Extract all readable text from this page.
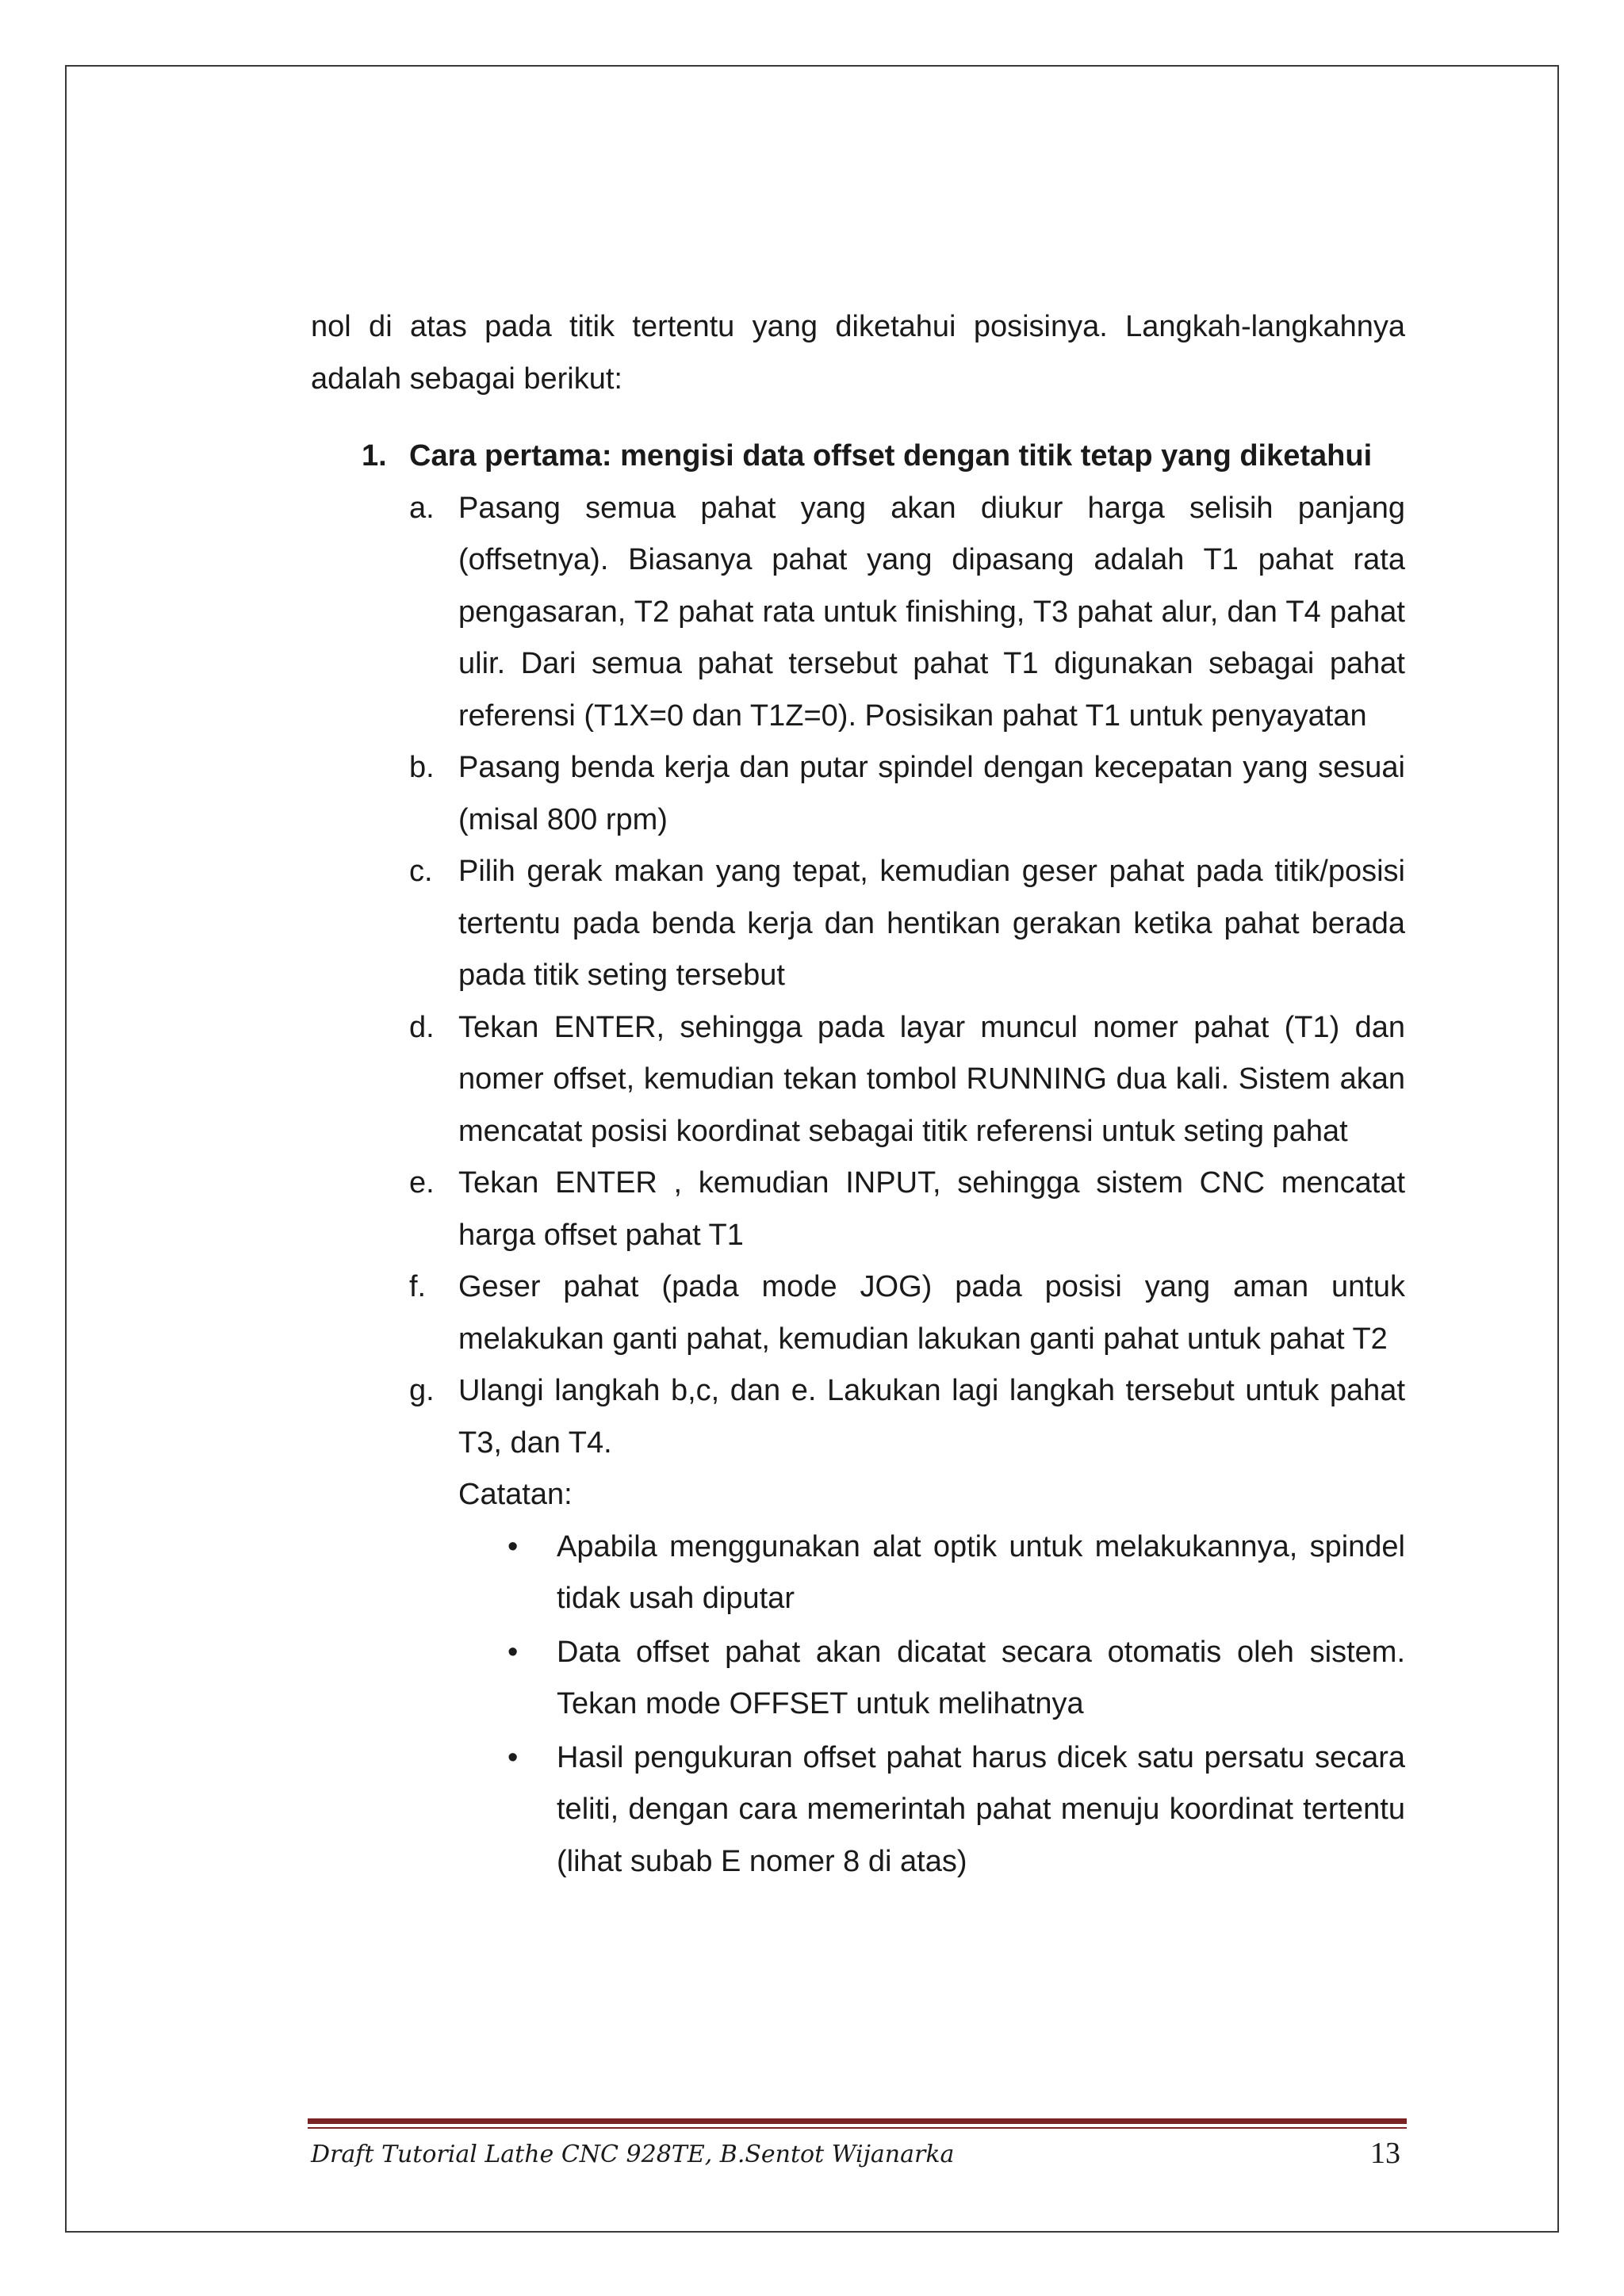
nol di atas pada titik tertentu yang diketahui posisinya. Langkah-langkahnya adalah sebagai berikut:

1. Cara pertama: mengisi data offset dengan titik tetap yang diketahui

a. Pasang semua pahat yang akan diukur harga selisih panjang (offsetnya). Biasanya pahat yang dipasang adalah T1 pahat rata pengasaran, T2 pahat rata untuk finishing, T3 pahat alur, dan T4 pahat ulir. Dari semua pahat tersebut pahat T1 digunakan sebagai pahat referensi (T1X=0 dan T1Z=0). Posisikan pahat T1 untuk penyayatan
b. Pasang benda kerja dan putar spindel dengan kecepatan yang sesuai (misal 800 rpm)
c. Pilih gerak makan yang tepat, kemudian geser pahat pada titik/posisi tertentu pada benda kerja dan hentikan gerakan ketika pahat berada pada titik seting tersebut
d. Tekan ENTER, sehingga pada layar muncul nomer pahat (T1) dan nomer offset, kemudian tekan tombol RUNNING dua kali. Sistem akan mencatat posisi koordinat sebagai titik referensi untuk seting pahat
e. Tekan ENTER , kemudian INPUT, sehingga sistem CNC mencatat harga offset pahat T1
f. Geser pahat (pada mode JOG) pada posisi yang aman untuk melakukan ganti pahat, kemudian lakukan ganti pahat untuk pahat T2
g. Ulangi langkah b,c, dan e. Lakukan lagi langkah tersebut untuk pahat T3, dan T4.

Catatan:

• Apabila menggunakan alat optik untuk melakukannya, spindel tidak usah diputar
• Data offset pahat akan dicatat secara otomatis oleh sistem. Tekan mode OFFSET untuk melihatnya
• Hasil pengukuran offset pahat harus dicek satu persatu secara teliti, dengan cara memerintah pahat menuju koordinat tertentu (lihat subab E nomer 8 di atas)
Draft Tutorial Lathe CNC 928TE, B.Sentot Wijanarka	13
